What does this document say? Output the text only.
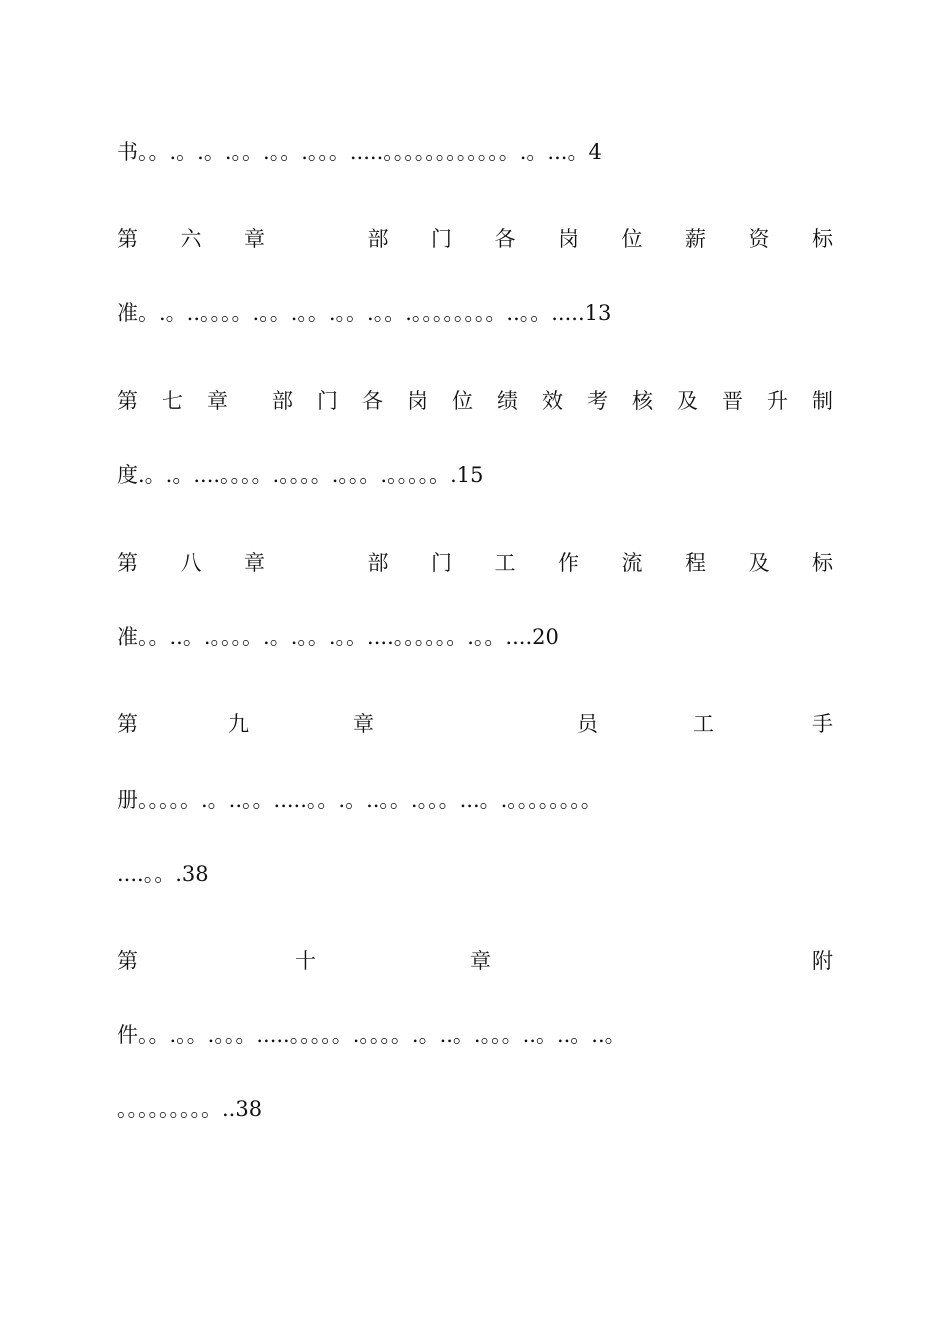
书。。.。.。.。。.。。.。。。.....。。。。。。。。。。。。.。...。4
第 六 章	部 门 各 岗 位 薪 资 标
准。.。..。。。。.。。.。。.。。.。。.。。。。。。。。..。。.....13
第 七 章 部 门 各 岗 位 绩 效 考 核 及 晋 升 制
度.。.。....。。。。.。。。。.。。。.。。。。。.15
第 八 章	部 门 工 作 流 程 及 标
准。。..。.。。。。.。.。。.。。....。。。。。。.。。....20
第	九	章	员	工	手
册。。。。。.。..。。.....。。.。..。。.。。。...。.。。。。。。。。
....。。.38
第	十	章	附
件。。.。。.。。。.....。。。。。.。。。。.。..。.。。。..。..。..。
。。。。。。。。。..38
